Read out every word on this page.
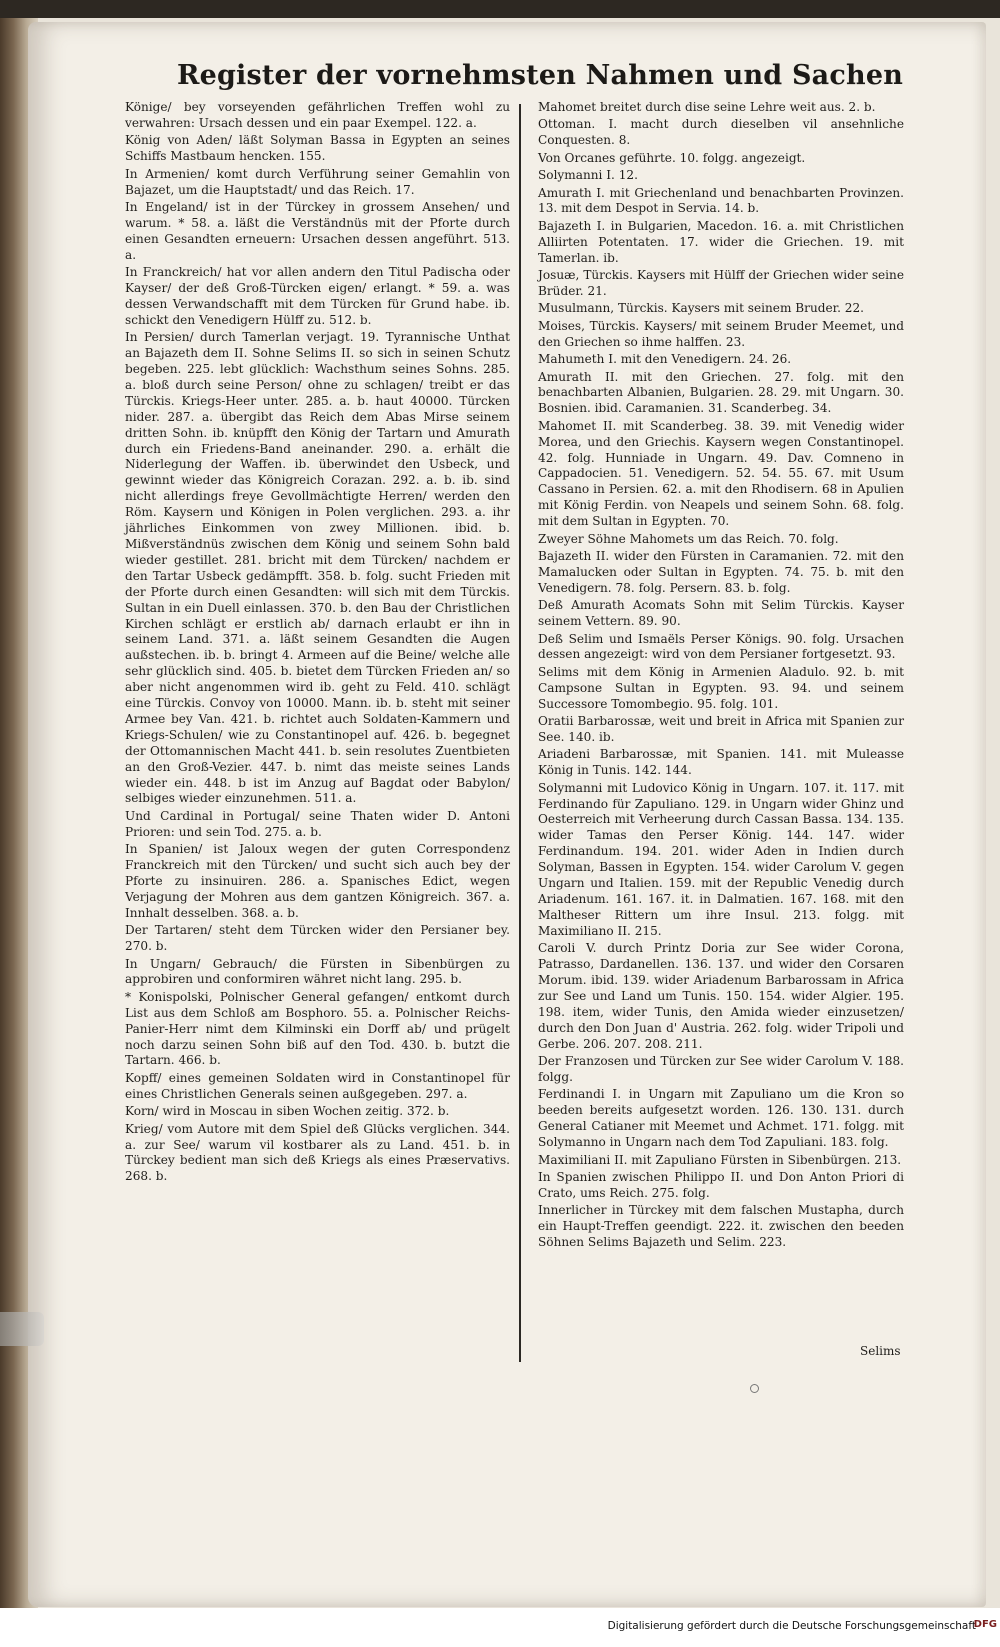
Register der vornehmsten Nahmen und Sachen

Könige/ bey vorseyenden gefährlichen Treffen wohl zu verwahren: Ursach dessen und ein paar Exempel. 122. a.

König von Aden/ läßt Solyman Bassa in Egypten an seines Schiffs Mastbaum hencken. 155.

In Armenien/ komt durch Verführung seiner Gemahlin von Bajazet, um die Hauptstadt/ und das Reich. 17.

In Engeland/ ist in der Türckey in grossem Ansehen/ und warum. * 58. a. läßt die Verständnüs mit der Pforte durch einen Gesandten erneuern: Ursachen dessen angeführt. 513. a.

In Franckreich/ hat vor allen andern den Titul Padischa oder Kayser/ der deß Groß-Türcken eigen/ erlangt. * 59. a. was dessen Verwandschafft mit dem Türcken für Grund habe. ib. schickt den Venedigern Hülff zu. 512. b.

In Persien/ durch Tamerlan verjagt. 19. Tyrannische Unthat an Bajazeth dem II. Sohne Selims II. so sich in seinen Schutz begeben. 225. lebt glücklich: Wachsthum seines Sohns. 285. a. bloß durch seine Person/ ohne zu schlagen/ treibt er das Türckis. Kriegs-Heer unter. 285. a. b. haut 40000. Türcken nider. 287. a. übergibt das Reich dem Abas Mirse seinem dritten Sohn. ib. knüpfft den König der Tartarn und Amurath durch ein Friedens-Band aneinander. 290. a. erhält die Niderlegung der Waffen. ib. überwindet den Usbeck, und gewinnt wieder das Königreich Corazan. 292. a. b. ib. sind nicht allerdings freye Gevollmächtigte Herren/ werden den Röm. Kaysern und Königen in Polen verglichen. 293. a. ihr jährliches Einkommen von zwey Millionen. ibid. b. Mißverständnüs zwischen dem König und seinem Sohn bald wieder gestillet. 281. bricht mit dem Türcken/ nachdem er den Tartar Usbeck gedämpfft. 358. b. folg. sucht Frieden mit der Pforte durch einen Gesandten: will sich mit dem Türckis. Sultan in ein Duell einlassen. 370. b. den Bau der Christlichen Kirchen schlägt er erstlich ab/ darnach erlaubt er ihn in seinem Land. 371. a. läßt seinem Gesandten die Augen außstechen. ib. b. bringt 4. Armeen auf die Beine/ welche alle sehr glücklich sind. 405. b. bietet dem Türcken Frieden an/ so aber nicht angenommen wird ib. geht zu Feld. 410. schlägt eine Türckis. Convoy von 10000. Mann. ib. b. steht mit seiner Armee bey Van. 421. b. richtet auch Soldaten-Kammern und Kriegs-Schulen/ wie zu Constantinopel auf. 426. b. begegnet der Ottomannischen Macht 441. b. sein resolutes Zuentbieten an den Groß-Vezier. 447. b. nimt das meiste seines Lands wieder ein. 448. b ist im Anzug auf Bagdat oder Babylon/ selbiges wieder einzunehmen. 511. a.

Und Cardinal in Portugal/ seine Thaten wider D. Antoni Prioren: und sein Tod. 275. a. b.

In Spanien/ ist Jaloux wegen der guten Correspondenz Franckreich mit den Türcken/ und sucht sich auch bey der Pforte zu insinuiren. 286. a. Spanisches Edict, wegen Verjagung der Mohren aus dem gantzen Königreich. 367. a. Innhalt desselben. 368. a. b.

Der Tartaren/ steht dem Türcken wider den Persianer bey. 270. b.

In Ungarn/ Gebrauch/ die Fürsten in Sibenbürgen zu approbiren und conformiren währet nicht lang. 295. b.

* Konispolski, Polnischer General gefangen/ entkomt durch List aus dem Schloß am Bosphoro. 55. a. Polnischer Reichs-Panier-Herr nimt dem Kilminski ein Dorff ab/ und prügelt noch darzu seinen Sohn biß auf den Tod. 430. b. butzt die Tartarn. 466. b.

Kopff/ eines gemeinen Soldaten wird in Constantinopel für eines Christlichen Generals seinen außgegeben. 297. a.

Korn/ wird in Moscau in siben Wochen zeitig. 372. b.

Krieg/ vom Autore mit dem Spiel deß Glücks verglichen. 344. a. zur See/ warum vil kostbarer als zu Land. 451. b. in Türckey bedient man sich deß Kriegs als eines Præservativs. 268. b.

Mahomet breitet durch dise seine Lehre weit aus. 2. b.

Ottoman. I. macht durch dieselben vil ansehnliche Conquesten. 8.

Von Orcanes geführte. 10. folgg. angezeigt.

Solymanni I. 12.

Amurath I. mit Griechenland und benachbarten Provinzen. 13. mit dem Despot in Servia. 14. b.

Bajazeth I. in Bulgarien, Macedon. 16. a. mit Christlichen Alliirten Potentaten. 17. wider die Griechen. 19. mit Tamerlan. ib.

Josuæ, Türckis. Kaysers mit Hülff der Griechen wider seine Brüder. 21.

Musulmann, Türckis. Kaysers mit seinem Bruder. 22.

Moises, Türckis. Kaysers/ mit seinem Bruder Meemet, und den Griechen so ihme halffen. 23.

Mahumeth I. mit den Venedigern. 24. 26.

Amurath II. mit den Griechen. 27. folg. mit den benachbarten Albanien, Bulgarien. 28. 29. mit Ungarn. 30. Bosnien. ibid. Caramanien. 31. Scanderbeg. 34.

Mahomet II. mit Scanderbeg. 38. 39. mit Venedig wider Morea, und den Griechis. Kaysern wegen Constantinopel. 42. folg. Hunniade in Ungarn. 49. Dav. Comneno in Cappadocien. 51. Venedigern. 52. 54. 55. 67. mit Usum Cassano in Persien. 62. a. mit den Rhodisern. 68 in Apulien mit König Ferdin. von Neapels und seinem Sohn. 68. folg. mit dem Sultan in Egypten. 70.

Zweyer Söhne Mahomets um das Reich. 70. folg.

Bajazeth II. wider den Fürsten in Caramanien. 72. mit den Mamalucken oder Sultan in Egypten. 74. 75. b. mit den Venedigern. 78. folg. Persern. 83. b. folg.

Deß Amurath Acomats Sohn mit Selim Türckis. Kayser seinem Vettern. 89. 90.

Deß Selim und Ismaëls Perser Königs. 90. folg. Ursachen dessen angezeigt: wird von dem Persianer fortgesetzt. 93.

Selims mit dem König in Armenien Aladulo. 92. b. mit Campsone Sultan in Egypten. 93. 94. und seinem Successore Tomombegio. 95. folg. 101.

Oratii Barbarossæ, weit und breit in Africa mit Spanien zur See. 140. ib.

Ariadeni Barbarossæ, mit Spanien. 141. mit Muleasse König in Tunis. 142. 144.

Solymanni mit Ludovico König in Ungarn. 107. it. 117. mit Ferdinando für Zapuliano. 129. in Ungarn wider Ghinz und Oesterreich mit Verheerung durch Cassan Bassa. 134. 135. wider Tamas den Perser König. 144. 147. wider Ferdinandum. 194. 201. wider Aden in Indien durch Solyman, Bassen in Egypten. 154. wider Carolum V. gegen Ungarn und Italien. 159. mit der Republic Venedig durch Ariadenum. 161. 167. it. in Dalmatien. 167. 168. mit den Maltheser Rittern um ihre Insul. 213. folgg. mit Maximiliano II. 215.

Caroli V. durch Printz Doria zur See wider Corona, Patrasso, Dardanellen. 136. 137. und wider den Corsaren Morum. ibid. 139. wider Ariadenum Barbarossam in Africa zur See und Land um Tunis. 150. 154. wider Algier. 195. 198. item, wider Tunis, den Amida wieder einzusetzen/ durch den Don Juan d' Austria. 262. folg. wider Tripoli und Gerbe. 206. 207. 208. 211.

Der Franzosen und Türcken zur See wider Carolum V. 188. folgg.

Ferdinandi I. in Ungarn mit Zapuliano um die Kron so beeden bereits aufgesetzt worden. 126. 130. 131. durch General Catianer mit Meemet und Achmet. 171. folgg. mit Solymanno in Ungarn nach dem Tod Zapuliani. 183. folg.

Maximiliani II. mit Zapuliano Fürsten in Sibenbürgen. 213.

In Spanien zwischen Philippo II. und Don Anton Priori di Crato, ums Reich. 275. folg.

Innerlicher in Türckey mit dem falschen Mustapha, durch ein Haupt-Treffen geendigt. 222. it. zwischen den beeden Söhnen Selims Bajazeth und Selim. 223.

Selims
Digitalisierung gefördert durch die Deutsche Forschungsgemeinschaft
DFG
